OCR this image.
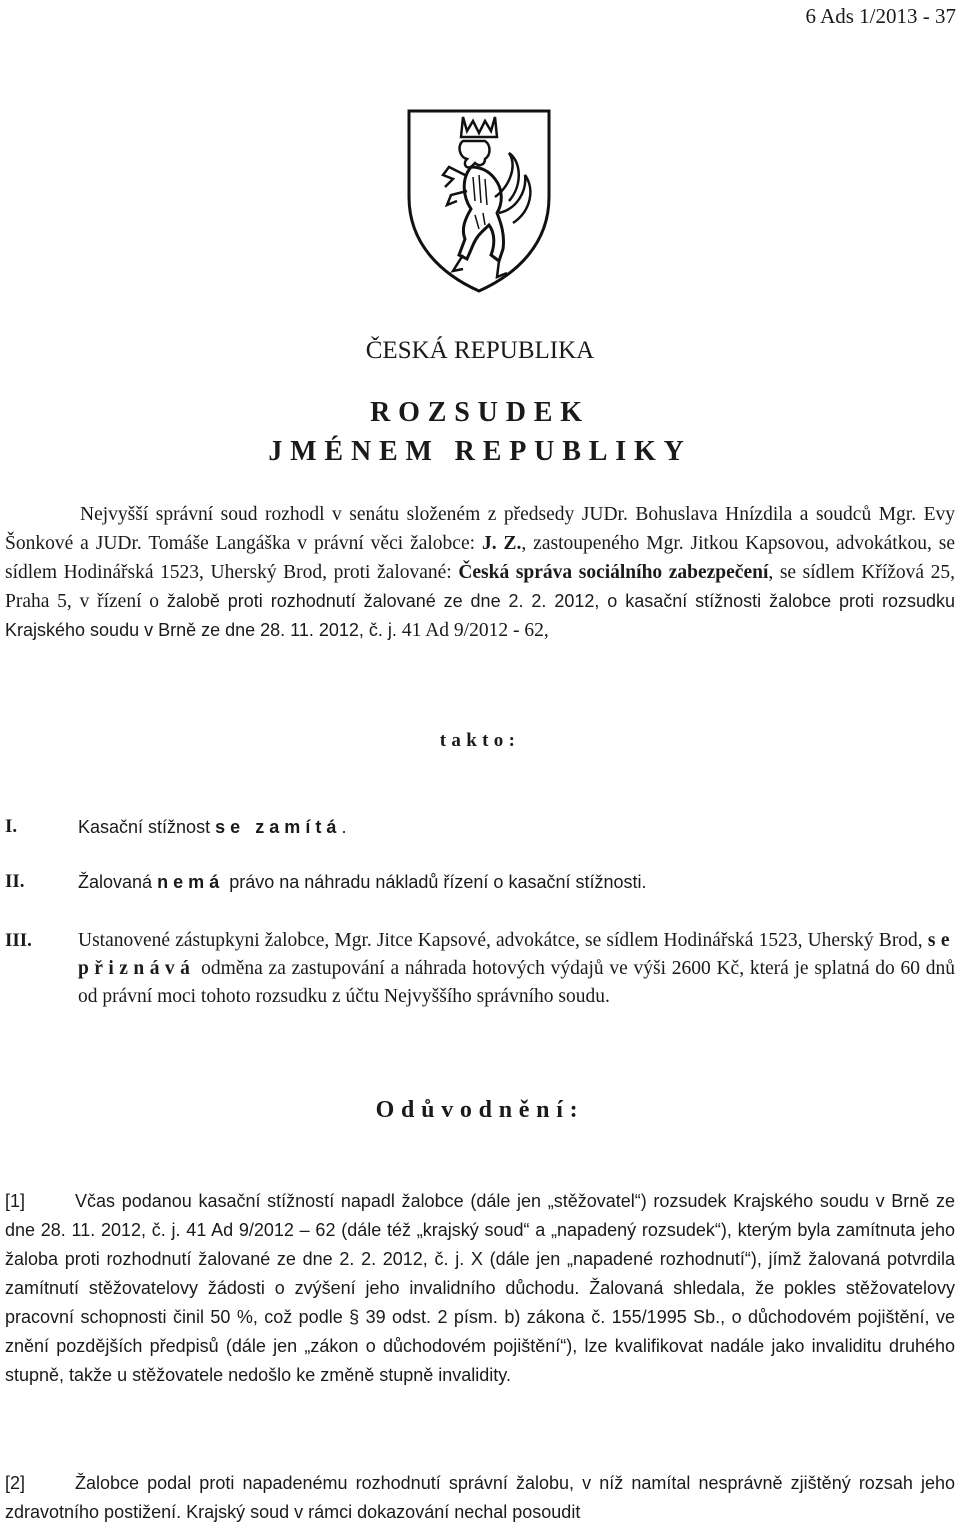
6 Ads 1/2013 - 37
ČESKÁ REPUBLIKA
ROZSUDEK
JMÉNEM REPUBLIKY
Nejvyšší správní soud rozhodl v senátu složeném z předsedy JUDr. Bohuslava Hnízdila a soudců Mgr. Evy Šonkové a JUDr. Tomáše Langáška v právní věci žalobce: J. Z., zastoupeného Mgr. Jitkou Kapsovou, advokátkou, se sídlem Hodinářská 1523, Uherský Brod, proti žalované: Česká správa sociálního zabezpečení, se sídlem Křížová 25, Praha 5, v řízení o žalobě proti rozhodnutí žalované ze dne 2. 2. 2012, o kasační stížnosti žalobce proti rozsudku Krajského soudu v Brně ze dne 28. 11. 2012, č. j. 41 Ad 9/2012 - 62,
takto:
I.	Kasační stížnost se zamítá.
II.	Žalovaná nemá právo na náhradu nákladů řízení o kasační stížnosti.
III. Ustanovené zástupkyni žalobce, Mgr. Jitce Kapsové, advokátce, se sídlem Hodinářská 1523, Uherský Brod, se přiznává odměna za zastupování a náhrada hotových výdajů ve výši 2600 Kč, která je splatná do 60 dnů od právní moci tohoto rozsudku z účtu Nejvyššího správního soudu.
Odůvodnění:
[1]	Včas podanou kasační stížností napadl žalobce (dále jen „stěžovatel“) rozsudek Krajského soudu v Brně ze dne 28. 11. 2012, č. j. 41 Ad 9/2012 – 62 (dále též „krajský soud“ a „napadený rozsudek“), kterým byla zamítnuta jeho žaloba proti rozhodnutí žalované ze dne 2. 2. 2012, č. j. X (dále jen „napadené rozhodnutí“), jímž žalovaná potvrdila zamítnutí stěžovatelovy žádosti o zvýšení jeho invalidního důchodu. Žalovaná shledala, že pokles stěžovatelovy pracovní schopnosti činil 50 %, což podle § 39 odst. 2 písm. b) zákona č. 155/1995 Sb., o důchodovém pojištění, ve znění pozdějších předpisů (dále jen „zákon o důchodovém pojištění“), lze kvalifikovat nadále jako invaliditu druhého stupně, takže u stěžovatele nedošlo ke změně stupně invalidity.
[2]	Žalobce podal proti napadenému rozhodnutí správní žalobu, v níž namítal nesprávně zjištěný rozsah jeho zdravotního postižení. Krajský soud v rámci dokazování nechal posoudit
